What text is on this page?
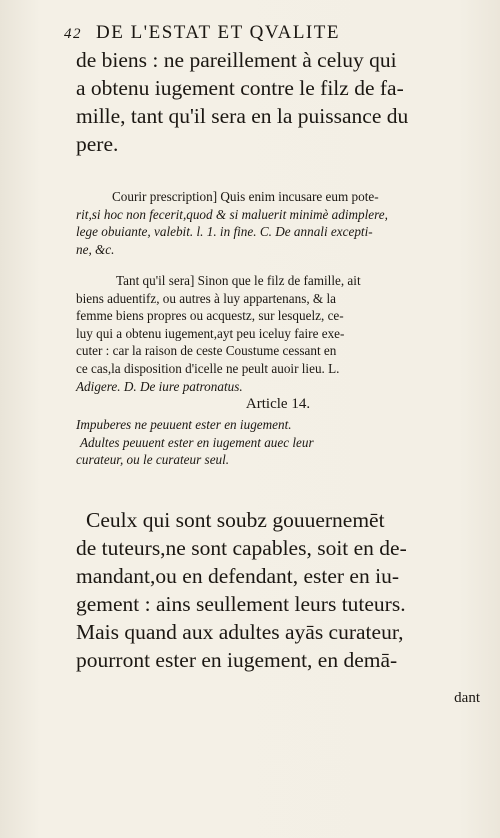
42 DE L'ESTAT ET QVALITE
de biens : ne pareillement à celuy qui
a obtenu iugement contre le filz de fa-
mille, tant qu'il sera en la puissance du
pere.
Courir prescription] Quis enim incusare eum pote-
rit,si hoc non fecerit,quod & si maluerit minimè adimplere,
lege obuiante, valebit. l. 1. in fine. C. De annali excepti-
ne, &c.
Tant qu'il sera] Sinon que le filz de famille, ait
biens aduentifz, ou autres à luy appartenans, & la
femme biens propres ou acquestz, sur lesquelz, ce-
luy qui a obtenu iugement,ayt peu iceluy faire exe-
cuter : car la raison de ceste Coustume cessant en
ce cas,la disposition d'icelle ne peult auoir lieu. L.
Adigere. D. De iure patronatus.
Article 14.
Impuberes ne peuuent ester en iugement.
Adultes peuuent ester en iugement auec leur
curateur, ou le curateur seul.
Ceulx qui sont soubz gouuernemēt
de tuteurs,ne sont capables, soit en de-
mandant,ou en defendant, ester en iu-
gement : ains seullement leurs tuteurs.
Mais quand aux adultes ayās curateur,
pourront ester en iugement, en demā-
dant
